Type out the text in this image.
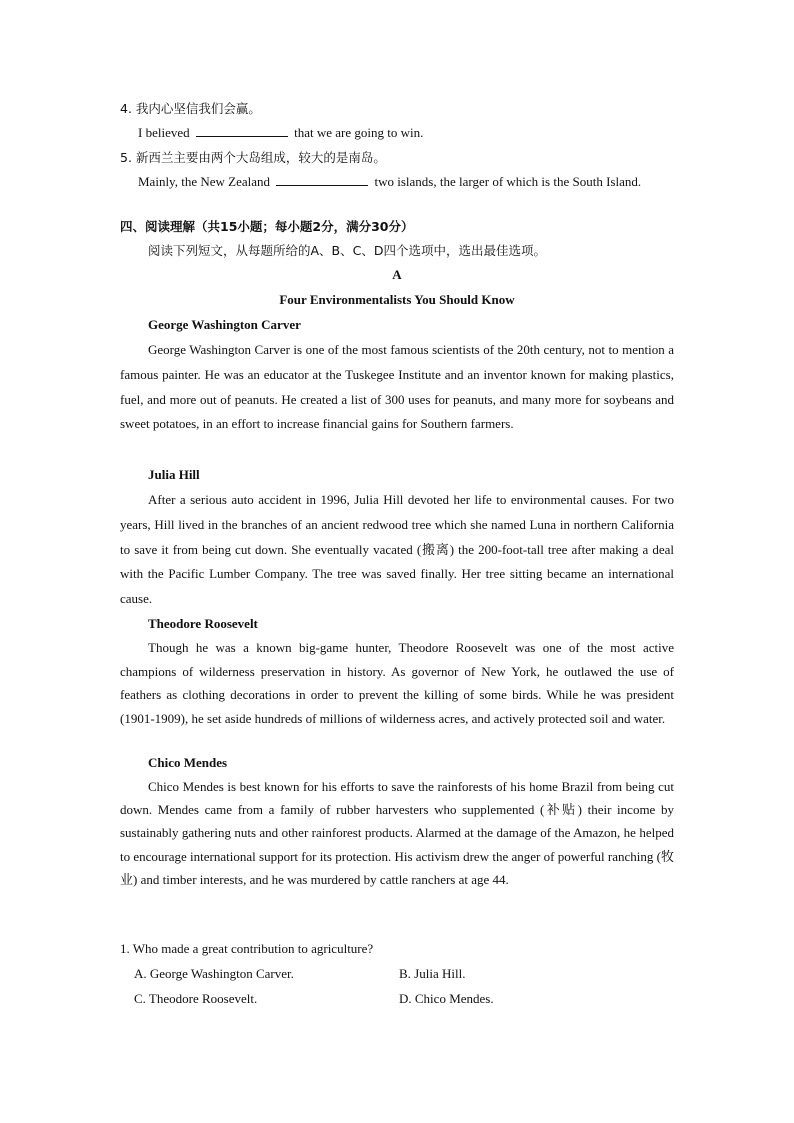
4. 我内心坚信我们会赢。
I believed	that we are going to win.
5. 新西兰主要由两个大岛组成，较大的是南岛。
Mainly, the New Zealand	two islands, the larger of which is the South Island.
四、阅读理解（共15小题；每小题2分，满分30分）
阅读下列短文，从每题所给的A、B、C、D四个选项中，选出最佳选项。
A
Four Environmentalists You Should Know
George Washington Carver
George Washington Carver is one of the most famous scientists of the 20th century, not to mention a famous painter. He was an educator at the Tuskegee Institute and an inventor known for making plastics, fuel, and more out of peanuts. He created a list of 300 uses for peanuts, and many more for soybeans and sweet potatoes, in an effort to increase financial gains for Southern farmers.
Julia Hill
After a serious auto accident in 1996, Julia Hill devoted her life to environmental causes. For two years, Hill lived in the branches of an ancient redwood tree which she named Luna in northern California to save it from being cut down. She eventually vacated (搬离) the 200-foot-tall tree after making a deal with the Pacific Lumber Company. The tree was saved finally. Her tree sitting became an international cause.
Theodore Roosevelt
Though he was a known big-game hunter, Theodore Roosevelt was one of the most active champions of wilderness preservation in history. As governor of New York, he outlawed the use of feathers as clothing decorations in order to prevent the killing of some birds. While he was president (1901-1909), he set aside hundreds of millions of wilderness acres, and actively protected soil and water.
Chico Mendes
Chico Mendes is best known for his efforts to save the rainforests of his home Brazil from being cut down. Mendes came from a family of rubber harvesters who supplemented (补贴) their income by sustainably gathering nuts and other rainforest products. Alarmed at the damage of the Amazon, he helped to encourage international support for its protection. His activism drew the anger of powerful ranching (牧业) and timber interests, and he was murdered by cattle ranchers at age 44.
1. Who made a great contribution to agriculture?
A. George Washington Carver.	B. Julia Hill.
C. Theodore Roosevelt.	D. Chico Mendes.
